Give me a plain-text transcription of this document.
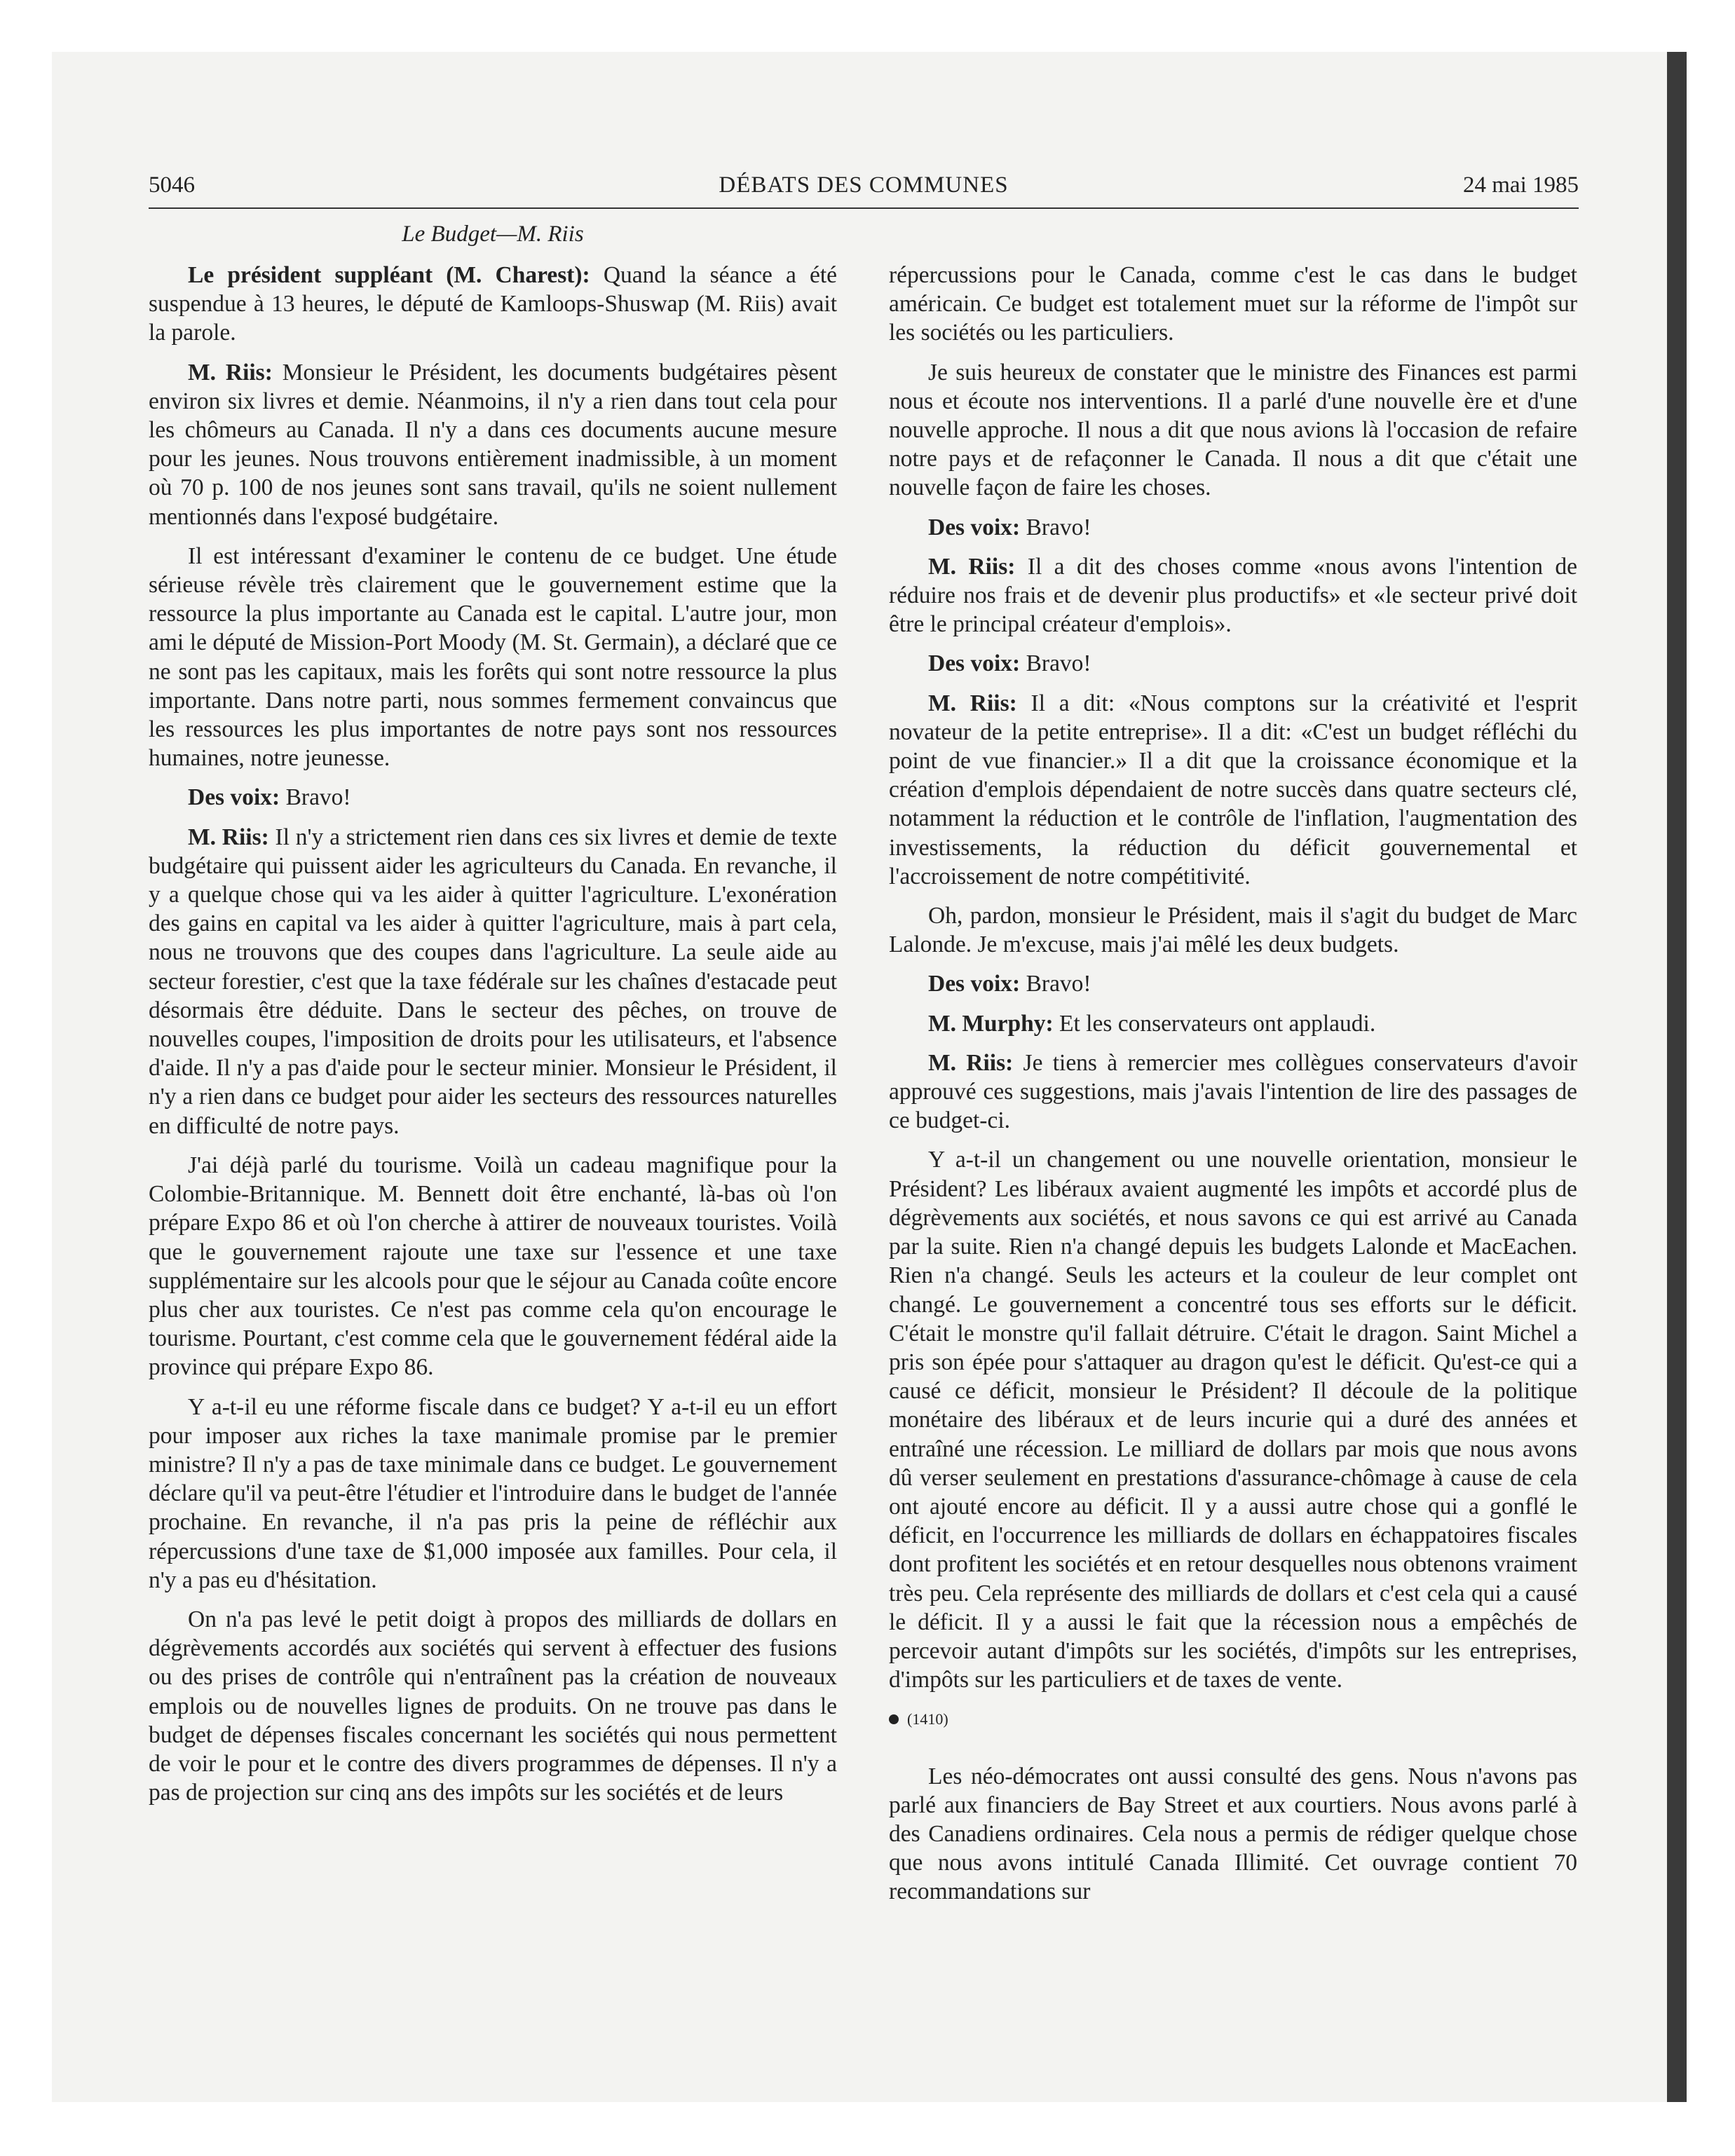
5046	DÉBATS DES COMMUNES	24 mai 1985
Le Budget—M. Riis

Le président suppléant (M. Charest): Quand la séance a été suspendue à 13 heures, le député de Kamloops-Shuswap (M. Riis) avait la parole.

M. Riis: Monsieur le Président, les documents budgétaires pèsent environ six livres et demie. Néanmoins, il n'y a rien dans tout cela pour les chômeurs au Canada. Il n'y a dans ces documents aucune mesure pour les jeunes. Nous trouvons entièrement inadmissible, à un moment où 70 p. 100 de nos jeunes sont sans travail, qu'ils ne soient nullement mentionnés dans l'exposé budgétaire.

Il est intéressant d'examiner le contenu de ce budget. Une étude sérieuse révèle très clairement que le gouvernement estime que la ressource la plus importante au Canada est le capital. L'autre jour, mon ami le député de Mission-Port Moody (M. St. Germain), a déclaré que ce ne sont pas les capitaux, mais les forêts qui sont notre ressource la plus importante. Dans notre parti, nous sommes fermement convaincus que les ressources les plus importantes de notre pays sont nos ressources humaines, notre jeunesse.

Des voix: Bravo!

M. Riis: Il n'y a strictement rien dans ces six livres et demie de texte budgétaire qui puissent aider les agriculteurs du Canada. En revanche, il y a quelque chose qui va les aider à quitter l'agriculture. L'exonération des gains en capital va les aider à quitter l'agriculture, mais à part cela, nous ne trouvons que des coupes dans l'agriculture. La seule aide au secteur forestier, c'est que la taxe fédérale sur les chaînes d'estacade peut désormais être déduite. Dans le secteur des pêches, on trouve de nouvelles coupes, l'imposition de droits pour les utilisateurs, et l'absence d'aide. Il n'y a pas d'aide pour le secteur minier. Monsieur le Président, il n'y a rien dans ce budget pour aider les secteurs des ressources naturelles en difficulté de notre pays.

J'ai déjà parlé du tourisme. Voilà un cadeau magnifique pour la Colombie-Britannique. M. Bennett doit être enchanté, là-bas où l'on prépare Expo 86 et où l'on cherche à attirer de nouveaux touristes. Voilà que le gouvernement rajoute une taxe sur l'essence et une taxe supplémentaire sur les alcools pour que le séjour au Canada coûte encore plus cher aux touristes. Ce n'est pas comme cela qu'on encourage le tourisme. Pourtant, c'est comme cela que le gouvernement fédéral aide la province qui prépare Expo 86.

Y a-t-il eu une réforme fiscale dans ce budget? Y a-t-il eu un effort pour imposer aux riches la taxe manimale promise par le premier ministre? Il n'y a pas de taxe minimale dans ce budget. Le gouvernement déclare qu'il va peut-être l'étudier et l'introduire dans le budget de l'année prochaine. En revanche, il n'a pas pris la peine de réfléchir aux répercussions d'une taxe de $1,000 imposée aux familles. Pour cela, il n'y a pas eu d'hésitation.

On n'a pas levé le petit doigt à propos des milliards de dollars en dégrèvements accordés aux sociétés qui servent à effectuer des fusions ou des prises de contrôle qui n'entraînent pas la création de nouveaux emplois ou de nouvelles lignes de produits. On ne trouve pas dans le budget de dépenses fiscales concernant les sociétés qui nous permettent de voir le pour et le contre des divers programmes de dépenses. Il n'y a pas de projection sur cinq ans des impôts sur les sociétés et de leurs

répercussions pour le Canada, comme c'est le cas dans le budget américain. Ce budget est totalement muet sur la réforme de l'impôt sur les sociétés ou les particuliers.

Je suis heureux de constater que le ministre des Finances est parmi nous et écoute nos interventions. Il a parlé d'une nouvelle ère et d'une nouvelle approche. Il nous a dit que nous avions là l'occasion de refaire notre pays et de refaçonner le Canada. Il nous a dit que c'était une nouvelle façon de faire les choses.

Des voix: Bravo!

M. Riis: Il a dit des choses comme «nous avons l'intention de réduire nos frais et de devenir plus productifs» et «le secteur privé doit être le principal créateur d'emplois».

Des voix: Bravo!

M. Riis: Il a dit: «Nous comptons sur la créativité et l'esprit novateur de la petite entreprise». Il a dit: «C'est un budget réfléchi du point de vue financier.» Il a dit que la croissance économique et la création d'emplois dépendaient de notre succès dans quatre secteurs clé, notamment la réduction et le contrôle de l'inflation, l'augmentation des investissements, la réduction du déficit gouvernemental et l'accroissement de notre compétitivité.

Oh, pardon, monsieur le Président, mais il s'agit du budget de Marc Lalonde. Je m'excuse, mais j'ai mêlé les deux budgets.

Des voix: Bravo!

M. Murphy: Et les conservateurs ont applaudi.

M. Riis: Je tiens à remercier mes collègues conservateurs d'avoir approuvé ces suggestions, mais j'avais l'intention de lire des passages de ce budget-ci.

Y a-t-il un changement ou une nouvelle orientation, monsieur le Président? Les libéraux avaient augmenté les impôts et accordé plus de dégrèvements aux sociétés, et nous savons ce qui est arrivé au Canada par la suite. Rien n'a changé depuis les budgets Lalonde et MacEachen. Rien n'a changé. Seuls les acteurs et la couleur de leur complet ont changé. Le gouvernement a concentré tous ses efforts sur le déficit. C'était le monstre qu'il fallait détruire. C'était le dragon. Saint Michel a pris son épée pour s'attaquer au dragon qu'est le déficit. Qu'est-ce qui a causé ce déficit, monsieur le Président? Il découle de la politique monétaire des libéraux et de leurs incurie qui a duré des années et entraîné une récession. Le milliard de dollars par mois que nous avons dû verser seulement en prestations d'assurance-chômage à cause de cela ont ajouté encore au déficit. Il y a aussi autre chose qui a gonflé le déficit, en l'occurrence les milliards de dollars en échappatoires fiscales dont profitent les sociétés et en retour desquelles nous obtenons vraiment très peu. Cela représente des milliards de dollars et c'est cela qui a causé le déficit. Il y a aussi le fait que la récession nous a empêchés de percevoir autant d'impôts sur les sociétés, d'impôts sur les entreprises, d'impôts sur les particuliers et de taxes de vente.

(1410)

Les néo-démocrates ont aussi consulté des gens. Nous n'avons pas parlé aux financiers de Bay Street et aux courtiers. Nous avons parlé à des Canadiens ordinaires. Cela nous a permis de rédiger quelque chose que nous avons intitulé Canada Illimité. Cet ouvrage contient 70 recommandations sur
